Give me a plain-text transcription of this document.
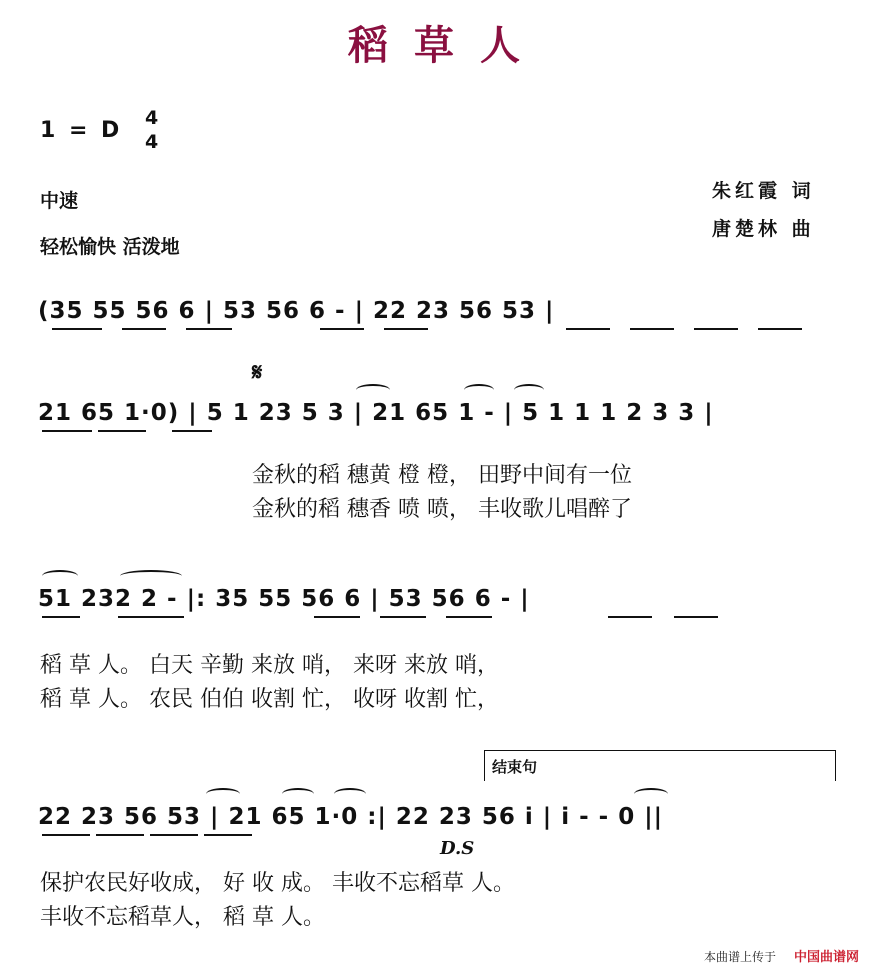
稻草人
1 = D 4
4
中速
轻松愉快 活泼地
朱红霞 词
唐楚林 曲
(35 55 56 6 | 53 56 6 - | 22 23 56 53 |
𝄋
21 65 1·0) | 5 1 23 5 3 | 21 65 1 - | 5 1 1 1 2 3 3 |
金秋的稻 穗黄 橙 橙， 田野中间有一位
金秋的稻 穗香 喷 喷， 丰收歌儿唱醉了
51 232 2 - |: 35 55 56 6 | 53 56 6 - |
稻 草 人。 白天 辛勤 来放 哨， 来呀 来放 哨，
稻 草 人。 农民 伯伯 收割 忙， 收呀 收割 忙，
结束句
22 23 56 53 | 21 65 1·0 :| 22 23 56 i | i - - 0 ||
D.S
保护农民好收成， 好 收 成。 丰收不忘稻草 人。
丰收不忘稻草人， 稻 草 人。
本曲谱上传于 中国曲谱网
